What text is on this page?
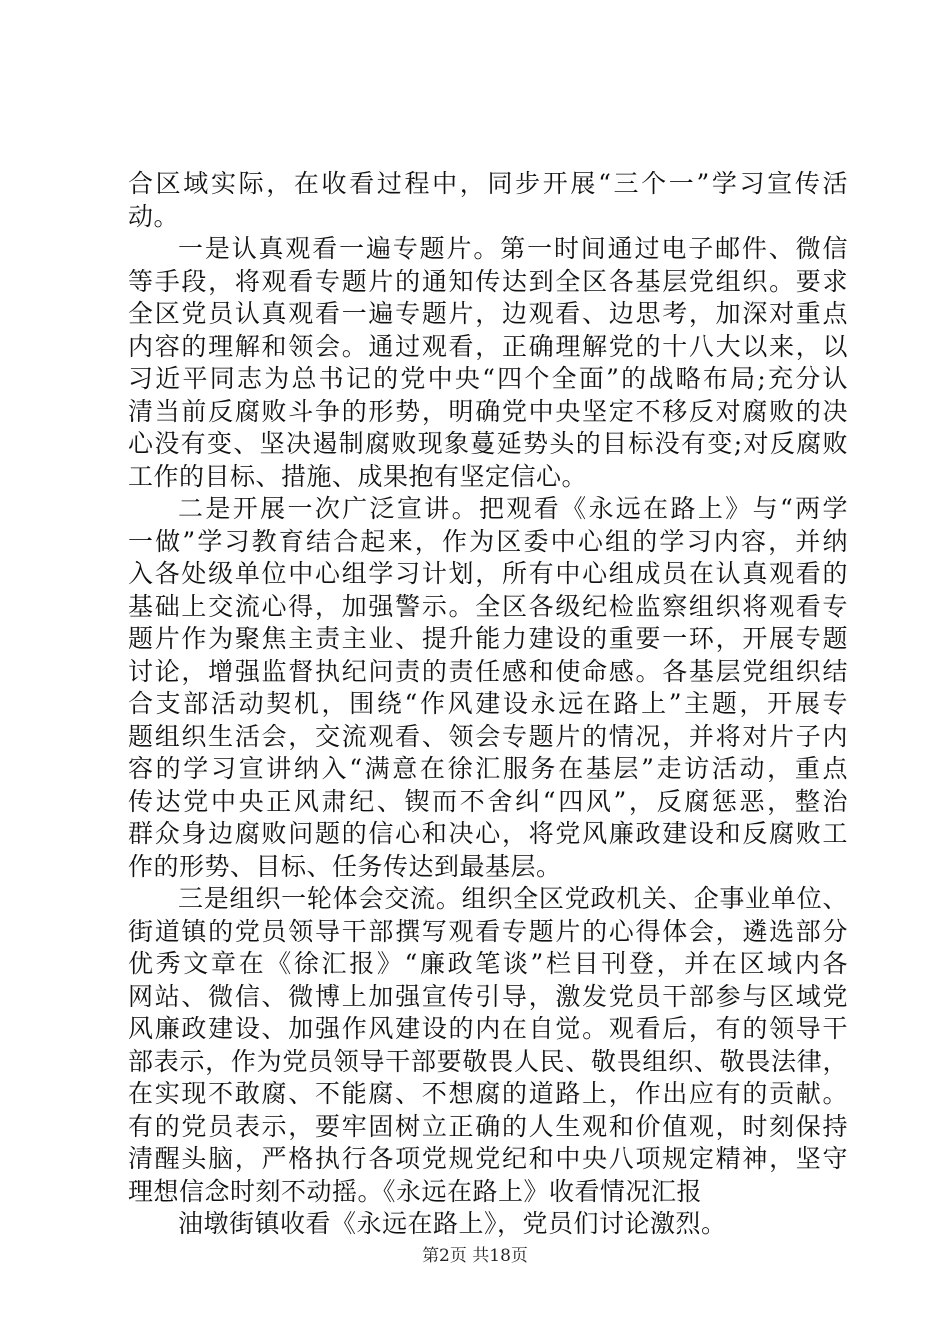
合区域实际，在收看过程中，同步开展“三个一”学习宣传活
动。
一是认真观看一遍专题片。第一时间通过电子邮件、微信
等手段，将观看专题片的通知传达到全区各基层党组织。要求
全区党员认真观看一遍专题片，边观看、边思考，加深对重点
内容的理解和领会。通过观看，正确理解党的十八大以来，以
习近平同志为总书记的党中央“四个全面”的战略布局;充分认
清当前反腐败斗争的形势，明确党中央坚定不移反对腐败的决
心没有变、坚决遏制腐败现象蔓延势头的目标没有变;对反腐败
工作的目标、措施、成果抱有坚定信心。
二是开展一次广泛宣讲。把观看《永远在路上》与“两学
一做”学习教育结合起来，作为区委中心组的学习内容，并纳
入各处级单位中心组学习计划，所有中心组成员在认真观看的
基础上交流心得，加强警示。全区各级纪检监察组织将观看专
题片作为聚焦主责主业、提升能力建设的重要一环，开展专题
讨论，增强监督执纪问责的责任感和使命感。各基层党组织结
合支部活动契机，围绕“作风建设永远在路上”主题，开展专
题组织生活会，交流观看、领会专题片的情况，并将对片子内
容的学习宣讲纳入“满意在徐汇服务在基层”走访活动，重点
传达党中央正风肃纪、锲而不舍纠“四风”，反腐惩恶，整治
群众身边腐败问题的信心和决心，将党风廉政建设和反腐败工
作的形势、目标、任务传达到最基层。
三是组织一轮体会交流。组织全区党政机关、企事业单位、
街道镇的党员领导干部撰写观看专题片的心得体会，遴选部分
优秀文章在《徐汇报》“廉政笔谈”栏目刊登，并在区域内各
网站、微信、微博上加强宣传引导，激发党员干部参与区域党
风廉政建设、加强作风建设的内在自觉。观看后，有的领导干
部表示，作为党员领导干部要敬畏人民、敬畏组织、敬畏法律，
在实现不敢腐、不能腐、不想腐的道路上，作出应有的贡献。
有的党员表示，要牢固树立正确的人生观和价值观，时刻保持
清醒头脑，严格执行各项党规党纪和中央八项规定精神，坚守
理想信念时刻不动摇。《永远在路上》收看情况汇报
油墩街镇收看《永远在路上》，党员们讨论激烈。
第2页 共18页
